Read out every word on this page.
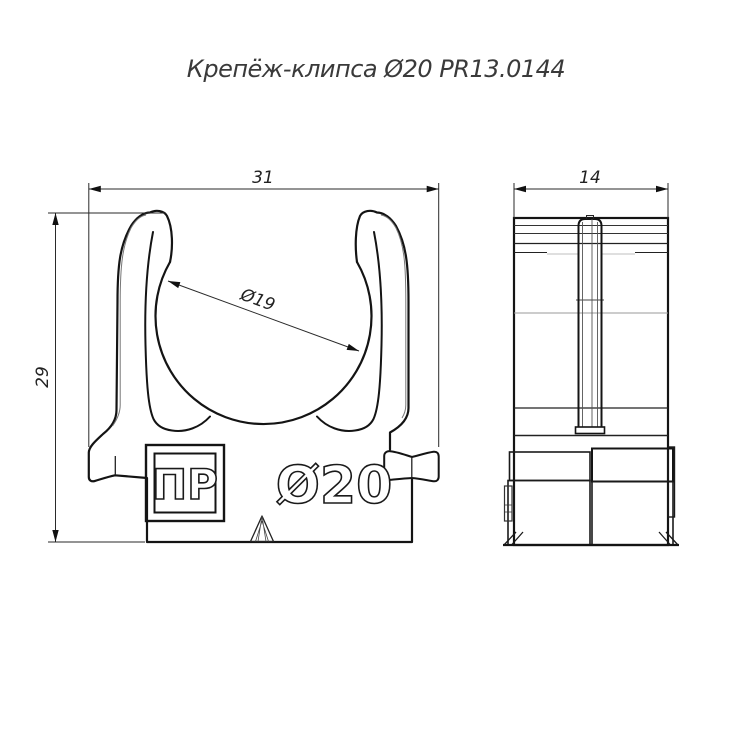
Крепёж-клипса Ø20 PR13.0144
ПР Ø20
31
29
Ø19
14
